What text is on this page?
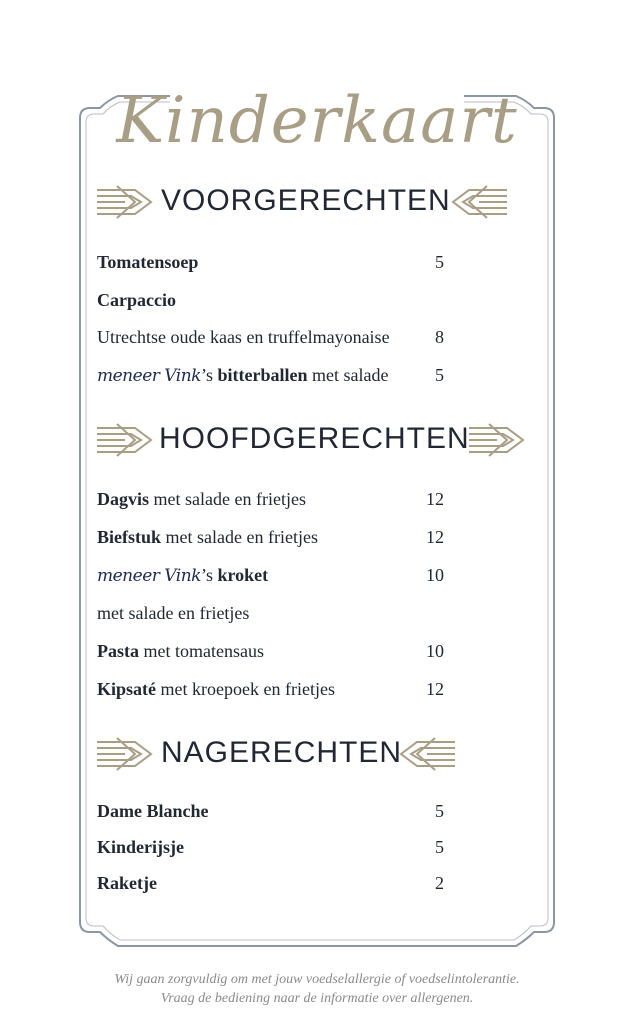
Kinderkaart
VOORGERECHTEN
Tomatensoep	5
Carpaccio
Utrechtse oude kaas en truffelmayonaise	8
meneer Vink’s bitterballen met salade	5
HOOFDGERECHTEN
Dagvis met salade en frietjes	12
Biefstuk met salade en frietjes	12
meneer Vink’s kroket	10
met salade en frietjes
Pasta met tomatensaus	10
Kipsaté met kroepoek en frietjes	12
NAGERECHTEN
Dame Blanche	5
Kinderijsje	5
Raketje	2
Wij gaan zorgvuldig om met jouw voedselallergie of voedselintolerantie.
Vraag de bediening naar de informatie over allergenen.
